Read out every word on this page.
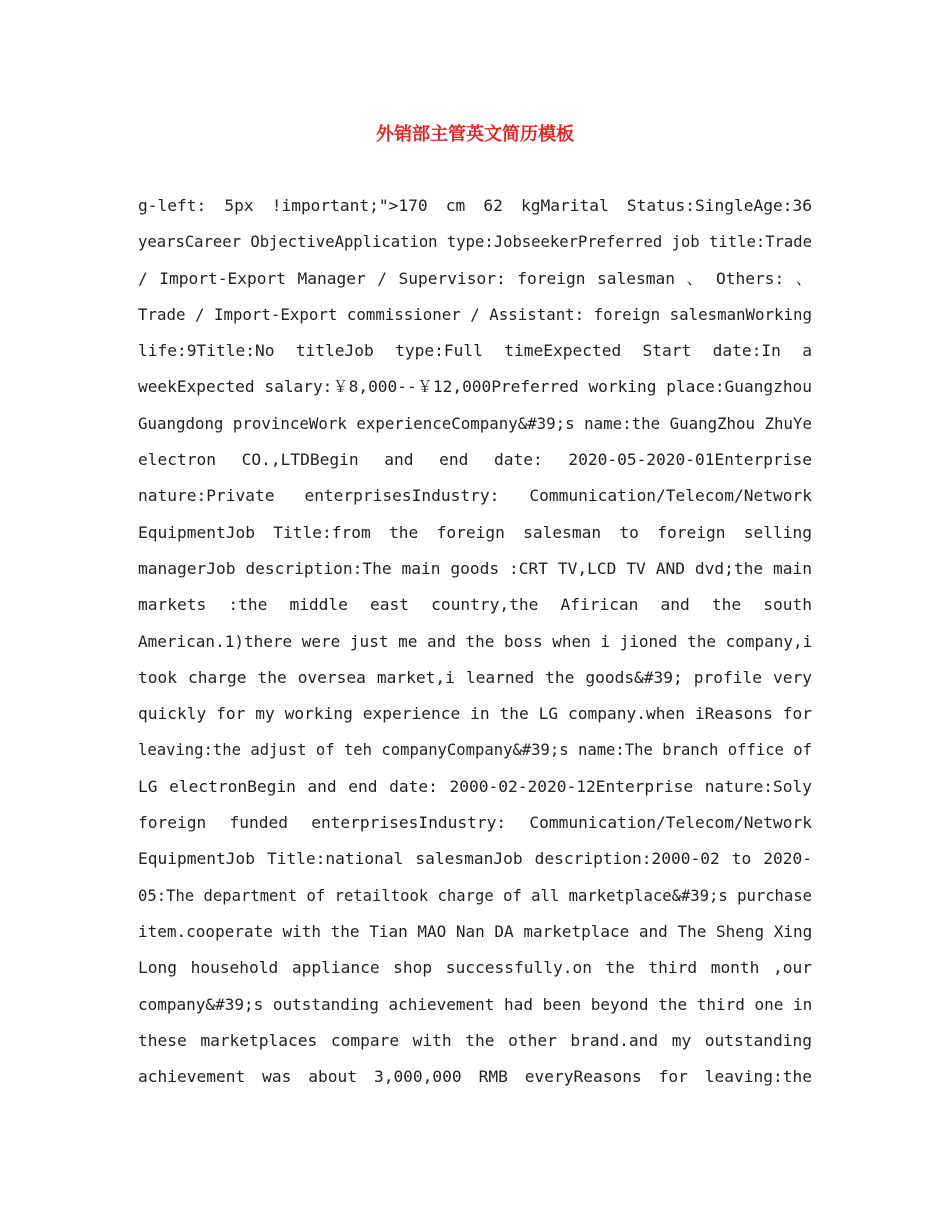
外销部主管英文简历模板
g-left: 5px !important;">170 cm 62 kgMarital Status:SingleAge:36
yearsCareer ObjectiveApplication type:JobseekerPreferred job title:Trade
/ Import-Export Manager / Supervisor: foreign salesman 、 Others: 、
Trade / Import-Export commissioner / Assistant: foreign salesmanWorking
life:9Title:No titleJob type:Full timeExpected Start date:In a
weekExpected salary:￥8,000--￥12,000Preferred working place:Guangzhou
Guangdong provinceWork experienceCompany&#39;s name:the GuangZhou ZhuYe
electron CO.,LTDBegin and end date: 2020-05-2020-01Enterprise
nature:Private enterprisesIndustry: Communication/Telecom/Network
EquipmentJob Title:from the foreign salesman to foreign selling
managerJob description:The main goods :CRT TV,LCD TV AND dvd;the main
markets :the middle east country,the Afirican and the south
American.1)there were just me and the boss when i jioned the company,i
took charge the oversea market,i learned the goods&#39; profile very
quickly for my working experience in the LG company.when iReasons for
leaving:the adjust of teh companyCompany&#39;s name:The branch office of
LG electronBegin and end date: 2000-02-2020-12Enterprise nature:Soly
foreign funded enterprisesIndustry: Communication/Telecom/Network
EquipmentJob Title:national salesmanJob description:2000-02 to 2020-
05:The department of retailtook charge of all marketplace&#39;s purchase
item.cooperate with the Tian MAO Nan DA marketplace and The Sheng Xing
Long household appliance shop successfully.on the third month ,our
company&#39;s outstanding achievement had been beyond the third one in
these marketplaces compare with the other brand.and my outstanding
achievement was about 3,000,000 RMB everyReasons for leaving:the
